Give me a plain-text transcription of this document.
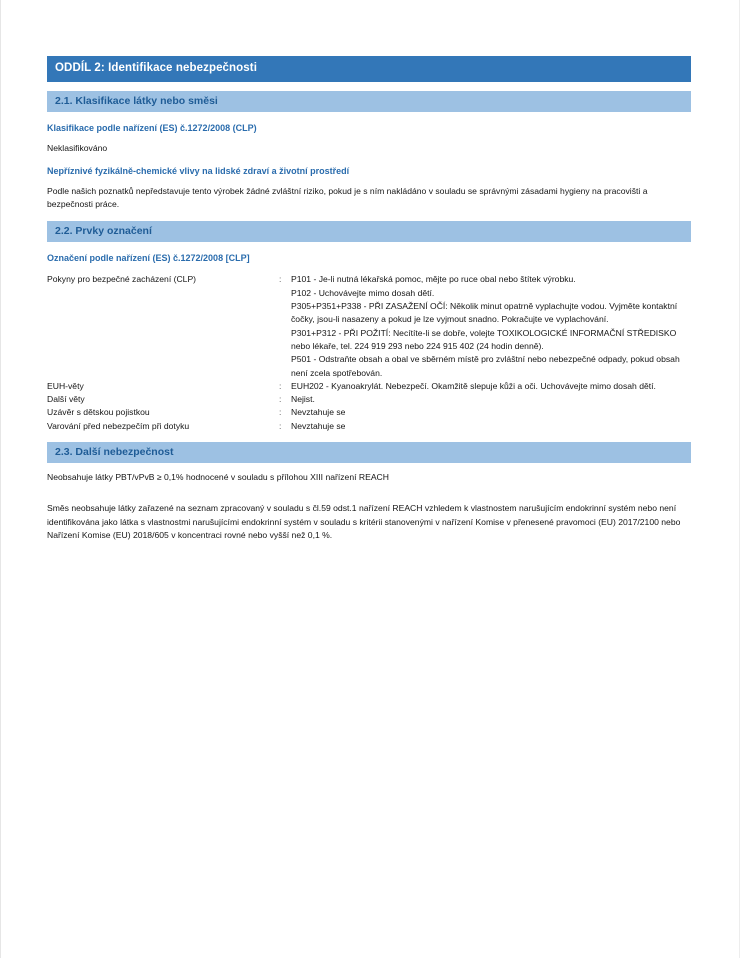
ODDÍL 2: Identifikace nebezpečnosti
2.1. Klasifikace látky nebo směsi
Klasifikace podle nařízení (ES) č.1272/2008 (CLP)
Neklasifikováno
Nepříznivé fyzikálně-chemické vlivy na lidské zdraví a životní prostředí
Podle našich poznatků nepředstavuje tento výrobek žádné zvláštní riziko, pokud je s ním nakládáno v souladu se správnými zásadami hygieny na pracovišti a bezpečnosti práce.
2.2. Prvky označení
Označení podle nařízení (ES) č.1272/2008 [CLP]
Pokyny pro bezpečné zacházení (CLP)	:	P101 - Je-li nutná lékařská pomoc, mějte po ruce obal nebo štítek výrobku.
P102 - Uchovávejte mimo dosah dětí.
P305+P351+P338 - PŘI ZASAŽENÍ OČÍ: Několik minut opatrně vyplachujte vodou. Vyjměte kontaktní čočky, jsou-li nasazeny a pokud je lze vyjmout snadno. Pokračujte ve vyplachování.
P301+P312 - PŘI POŽITÍ: Necítíte-li se dobře, volejte TOXIKOLOGICKÉ INFORMAČNÍ STŘEDISKO nebo lékaře, tel. 224 919 293 nebo 224 915 402 (24 hodin denně).
P501 - Odstraňte obsah a obal ve sběrném místě pro zvláštní nebo nebezpečné odpady, pokud obsah není zcela spotřebován.
EUH-věty	:	EUH202 - Kyanoakrylát. Nebezpečí. Okamžitě slepuje kůži a oči. Uchovávejte mimo dosah dětí.
Další věty	:	Nejist.
Uzávěr s dětskou pojistkou	:	Nevztahuje se
Varování před nebezpečím při dotyku	:	Nevztahuje se
2.3. Další nebezpečnost
Neobsahuje látky PBT/vPvB ≥ 0,1% hodnocené v souladu s přílohou XIII nařízení REACH
Směs neobsahuje látky zařazené na seznam zpracovaný v souladu s čl.59 odst.1 nařízení REACH vzhledem k vlastnostem narušujícím endokrinní systém nebo není identifikována jako látka s vlastnostmi narušujícími endokrinní systém v souladu s kritérii stanovenými v nařízení Komise v přenesené pravomoci (EU) 2017/2100 nebo Nařízení Komise (EU) 2018/605 v koncentraci rovné nebo vyšší než 0,1 %.
